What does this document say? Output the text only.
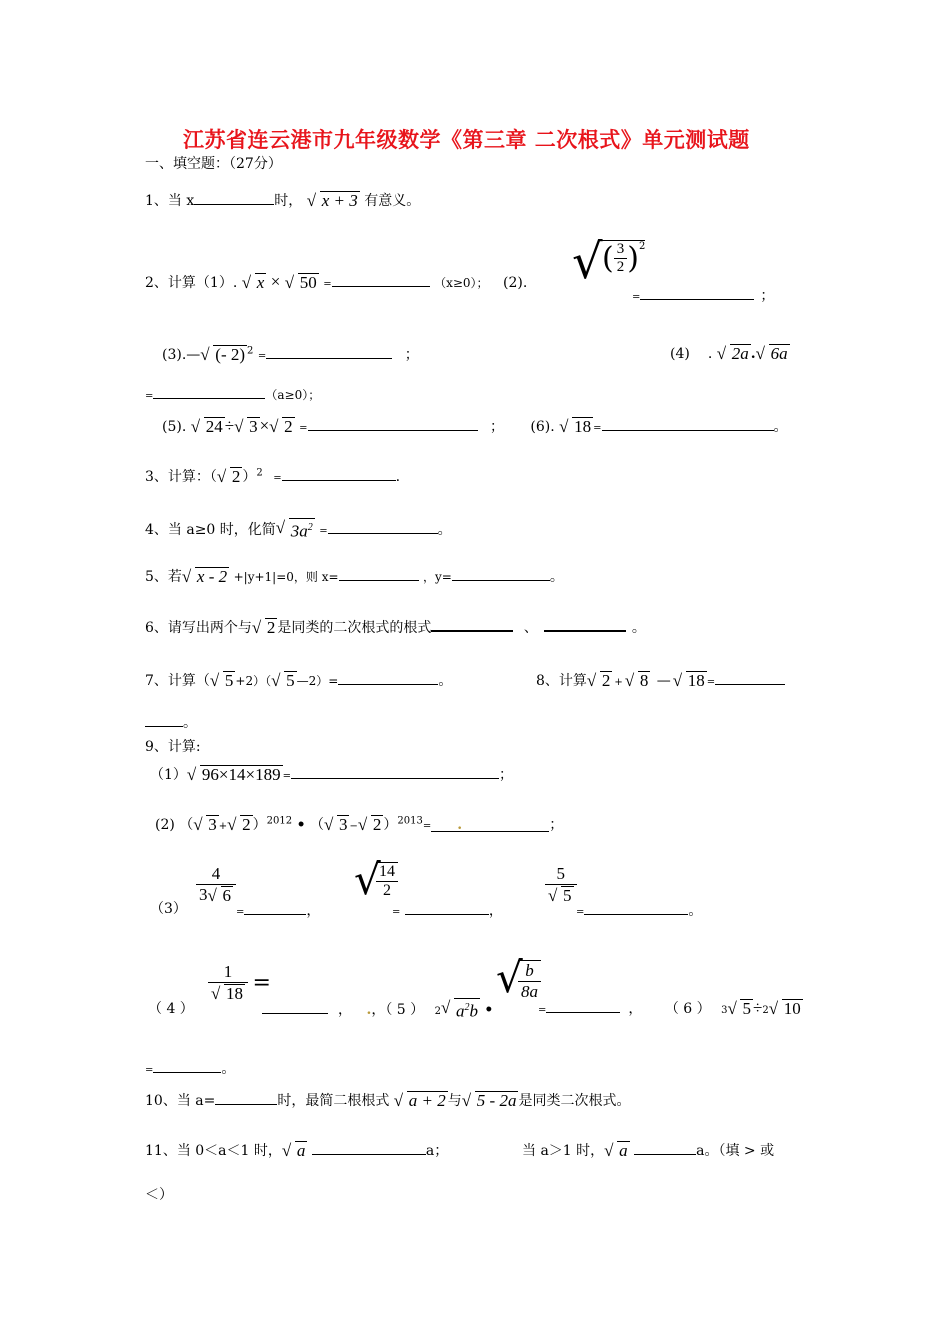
江苏省连云港市九年级数学《第三章 二次根式》单元测试题
一、填空题：（27分）
1、当 x	时， √ x + 3 有意义。
2、计算（1）. √ x × √ 50 =	（x≥0）； (2). √ ( $\frac{3}{2} )^2$
=	；
(3).— √ (- 2) $^2$ =	；	(4) . √ 2a . √ 6a
=	（a≥0）；
(5). √ 24 ÷ √ 3 × √ 2 =	； (6). √ 18 =	。
3、计算：（ √ 2 ）$^2$ =	.
4、当 a≥0 时，化简 √ $3a^2$ =	。
5、若 √ x - 2 +|y+1|=0，则 x=	，y=	。
6、请写出两个与 √ 2 是同类的二次根式的根式	、	。
7、计算（ √ 5 +2）（ √ 5 —2）=	。	8、计算 √ 2 + √ 8 — √ 18 =
。
9、计算:
（1） √ 96×14×189 =	；
(2) （ √ 3 + √ 2 ）$^{2012}$ • （ √ 3 − √ 2 ）$^{2013}$= .	；
（3）
$\frac{4}{3 √ 6}$
=	，
√
$\frac{14}{2}$
=	，
$\frac{5}{√ 5}$
=	。
（ 4 ）
$\frac{1}{√ 18}$ =
， .，（ 5 ） 2 √ $a^2b$ •
√
$\frac{b}{8a}$
=	， （ 6 ） 3 √ 5 ÷2 √ 10
=	。
10、当 a=	时，最简二根根式 √ a + 2 与 √ 5 - 2a 是同类二次根式。
11、当 0＜a＜1 时， √ a	a；	当 a＞1 时， √ a	a。（填 > 或
＜）
